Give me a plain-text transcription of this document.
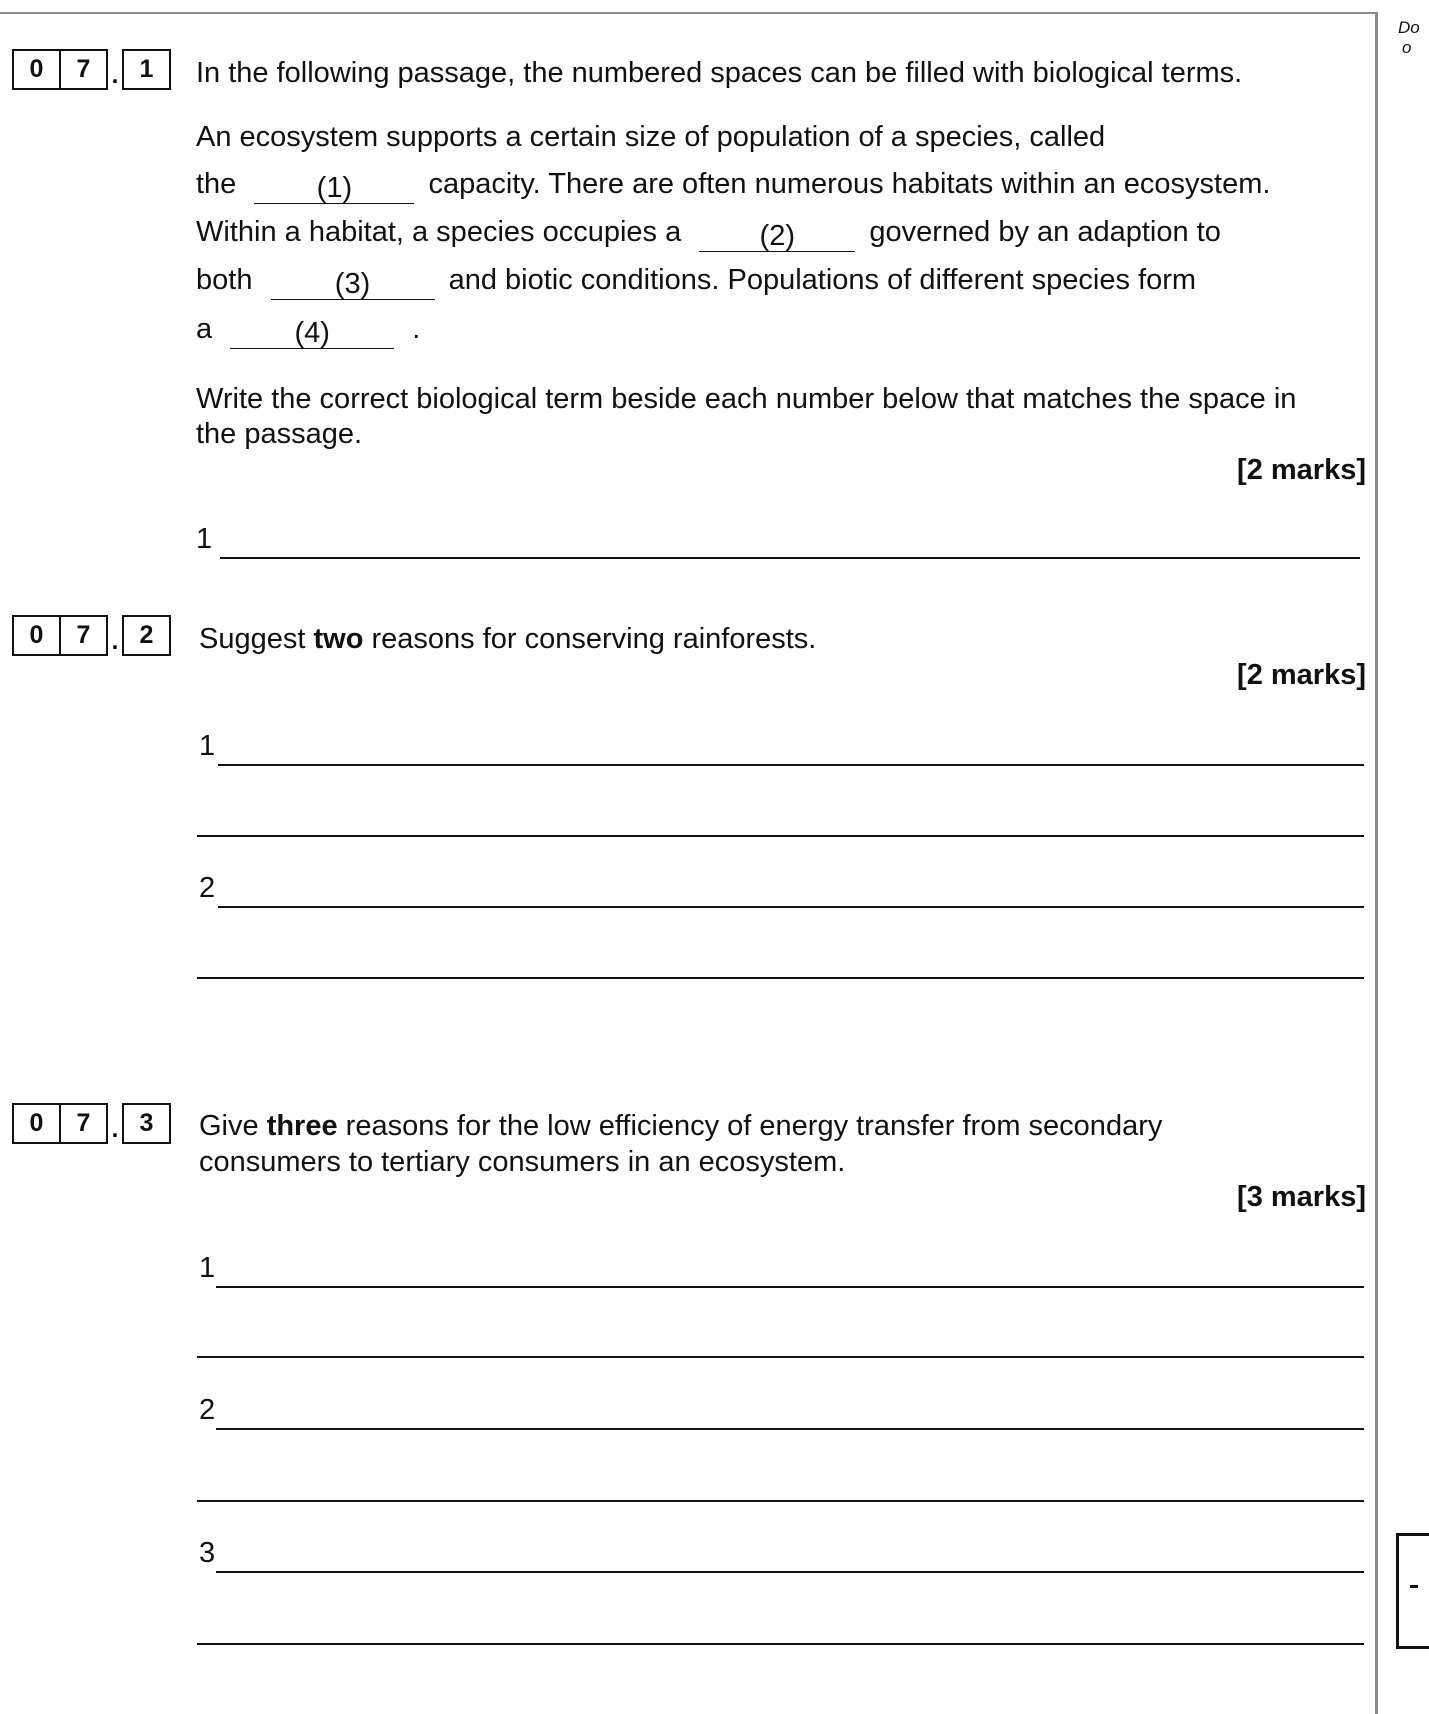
Do
o
0	7 . 1	In the following passage, the numbered spaces can be filled with biological terms.
An ecosystem supports a certain size of population of a species, called
the	(1)	capacity. There are often numerous habitats within an ecosystem.
Within a habitat, a species occupies a	(2)	governed by an adaption to
both	(3)	and biotic conditions. Populations of different species form
a	(4)	.
Write the correct biological term beside each number below that matches the space in
the passage.
[2 marks]
1
0	7 . 2	Suggest two reasons for conserving rainforests.
[2 marks]
1
2
0	7 . 3	Give three reasons for the low efficiency of energy transfer from secondary
consumers to tertiary consumers in an ecosystem.
[3 marks]
1
2
3
